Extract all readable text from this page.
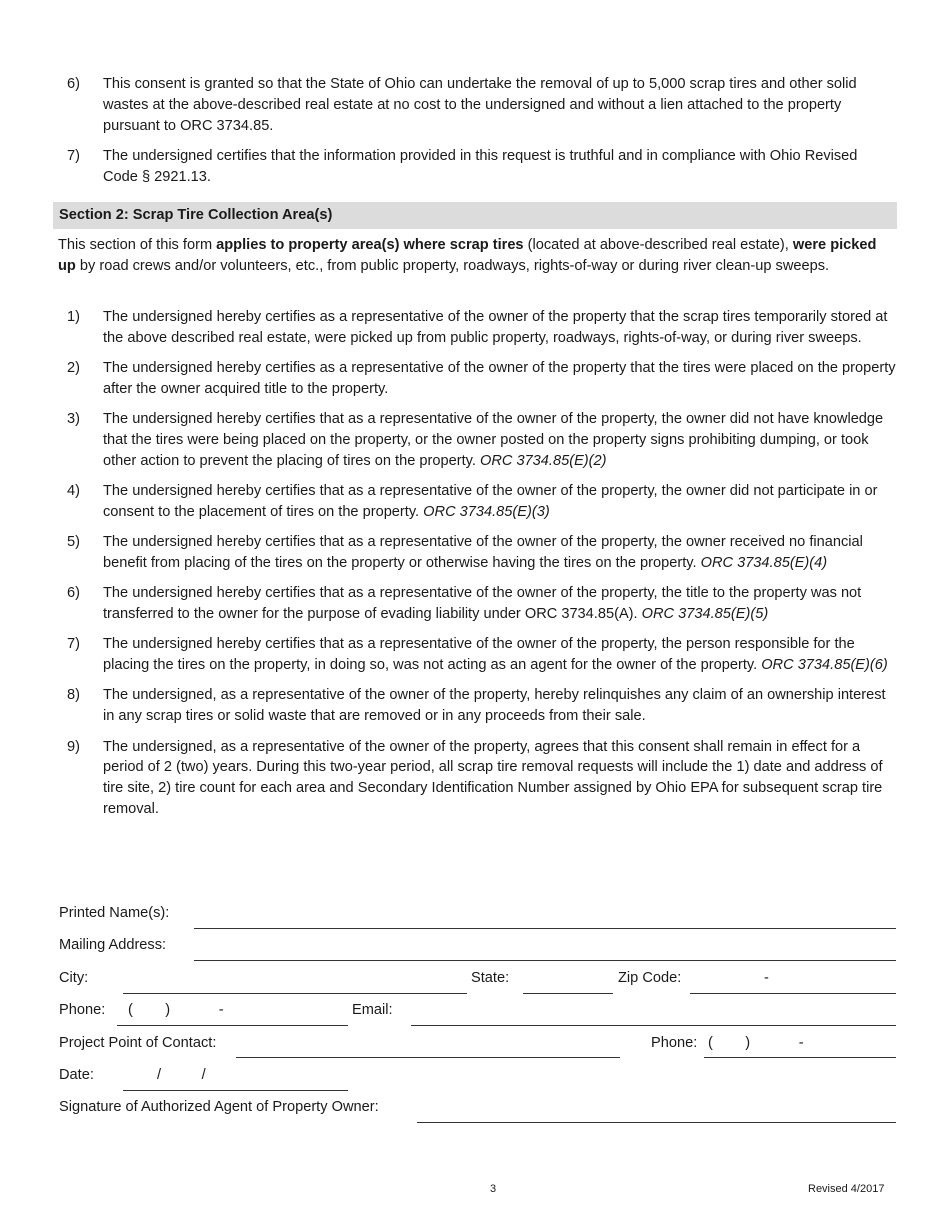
6) This consent is granted so that the State of Ohio can undertake the removal of up to 5,000 scrap tires and other solid wastes at the above-described real estate at no cost to the undersigned and without a lien attached to the property pursuant to ORC 3734.85.
7) The undersigned certifies that the information provided in this request is truthful and in compliance with Ohio Revised Code § 2921.13.
Section 2: Scrap Tire Collection Area(s)
This section of this form applies to property area(s) where scrap tires (located at above-described real estate), were picked up by road crews and/or volunteers, etc., from public property, roadways, rights-of-way or during river clean-up sweeps.
1) The undersigned hereby certifies as a representative of the owner of the property that the scrap tires temporarily stored at the above described real estate, were picked up from public property, roadways, rights-of-way, or during river sweeps.
2) The undersigned hereby certifies as a representative of the owner of the property that the tires were placed on the property after the owner acquired title to the property.
3) The undersigned hereby certifies that as a representative of the owner of the property, the owner did not have knowledge that the tires were being placed on the property, or the owner posted on the property signs prohibiting dumping, or took other action to prevent the placing of tires on the property. ORC 3734.85(E)(2)
4) The undersigned hereby certifies that as a representative of the owner of the property, the owner did not participate in or consent to the placement of tires on the property. ORC 3734.85(E)(3)
5) The undersigned hereby certifies that as a representative of the owner of the property, the owner received no financial benefit from placing of the tires on the property or otherwise having the tires on the property. ORC 3734.85(E)(4)
6) The undersigned hereby certifies that as a representative of the owner of the property, the title to the property was not transferred to the owner for the purpose of evading liability under ORC 3734.85(A). ORC 3734.85(E)(5)
7) The undersigned hereby certifies that as a representative of the owner of the property, the person responsible for the placing the tires on the property, in doing so, was not acting as an agent for the owner of the property. ORC 3734.85(E)(6)
8) The undersigned, as a representative of the owner of the property, hereby relinquishes any claim of an ownership interest in any scrap tires or solid waste that are removed or in any proceeds from their sale.
9) The undersigned, as a representative of the owner of the property, agrees that this consent shall remain in effect for a period of 2 (two) years. During this two-year period, all scrap tire removal requests will include the 1) date and address of tire site, 2) tire count for each area and Secondary Identification Number assigned by Ohio EPA for subsequent scrap tire removal.
Printed Name(s):
Mailing Address:
City:	State:	Zip Code:	-
Phone: (        )            -	Email:
Project Point of Contact:	Phone: (        )            -
Date:	/          /
Signature of Authorized Agent of Property Owner:
3	Revised 4/2017
